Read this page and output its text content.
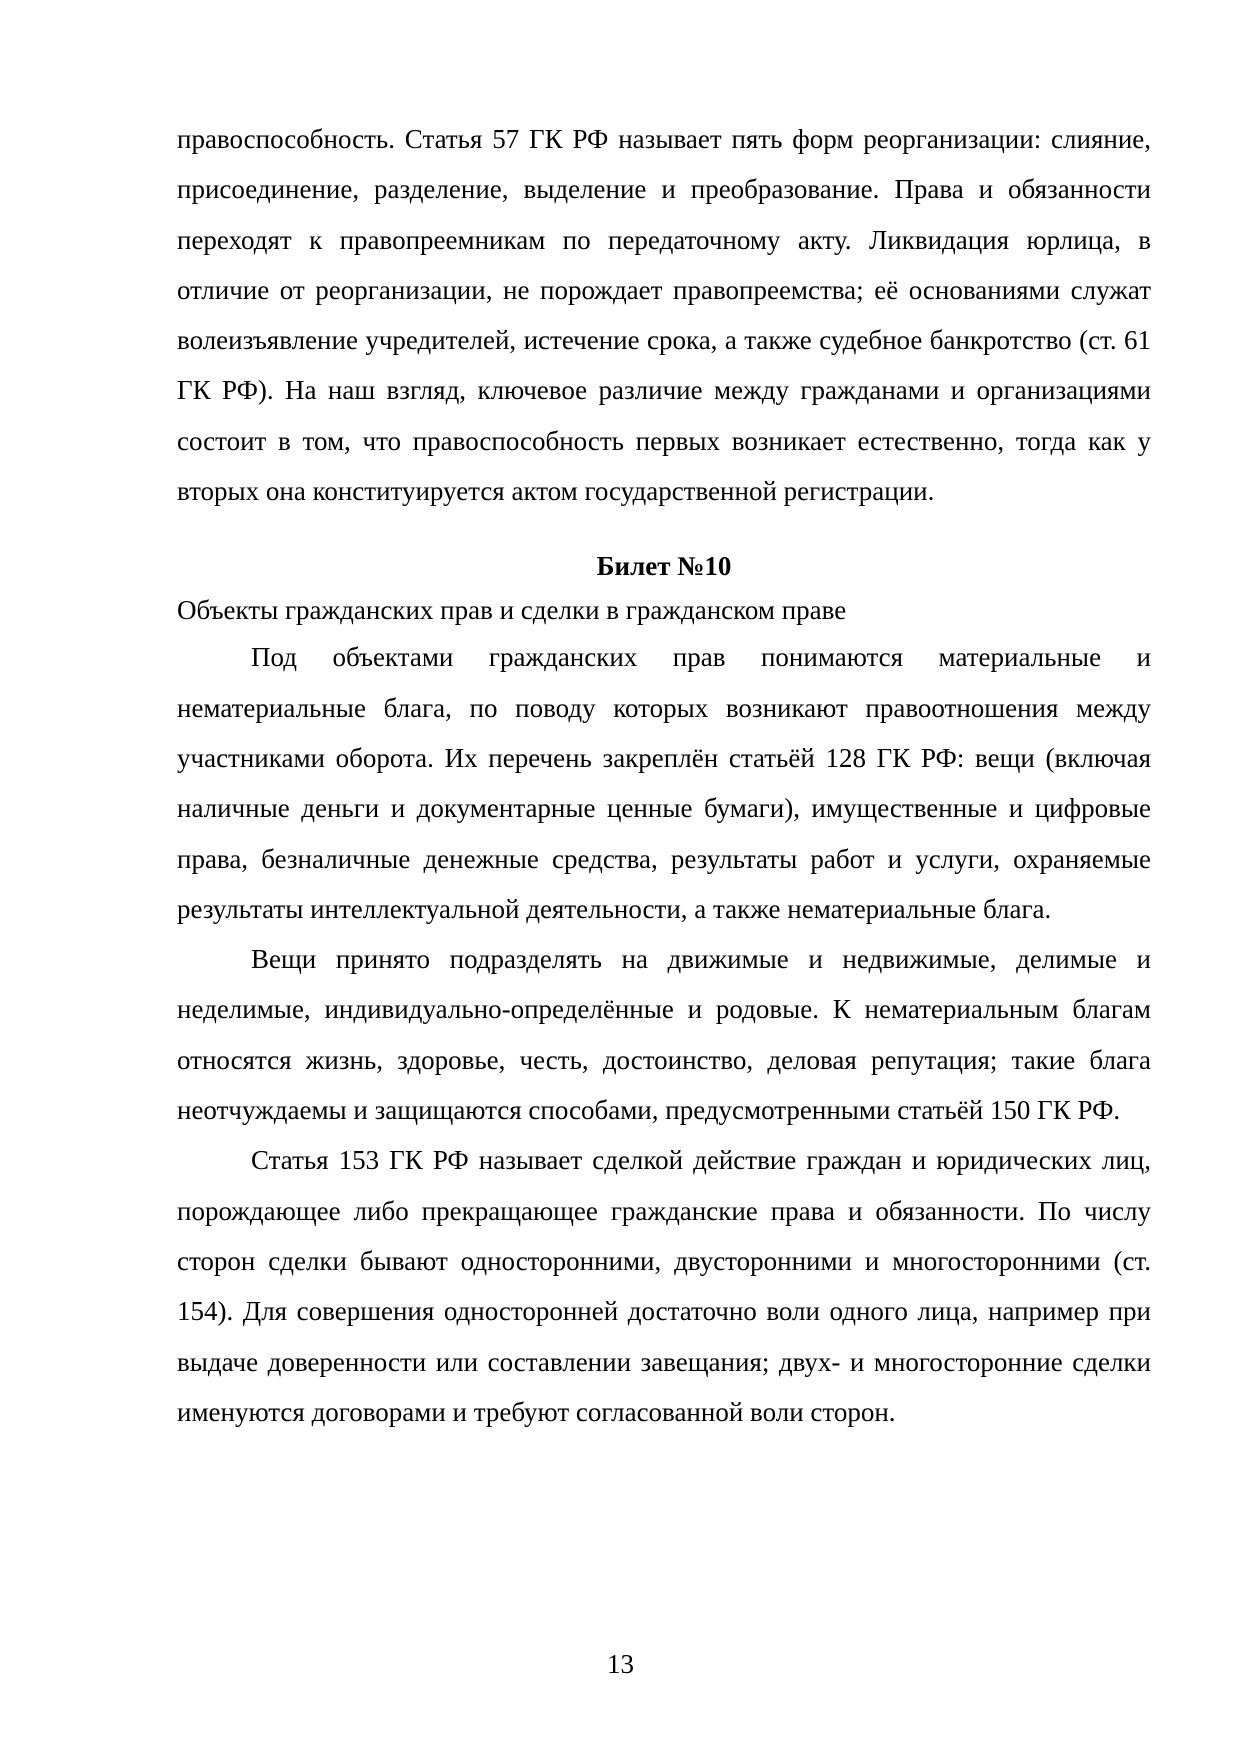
правоспособность. Статья 57 ГК РФ называет пять форм реорганизации: слияние, присоединение, разделение, выделение и преобразование. Права и обязанности переходят к правопреемникам по передаточному акту. Ликвидация юрлица, в отличие от реорганизации, не порождает правопреемства; её основаниями служат волеизъявление учредителей, истечение срока, а также судебное банкротство (ст. 61 ГК РФ). На наш взгляд, ключевое различие между гражданами и организациями состоит в том, что правоспособность первых возникает естественно, тогда как у вторых она конституируется актом государственной регистрации.

Билет №10

Объекты гражданских прав и сделки в гражданском праве

Под объектами гражданских прав понимаются материальные и нематериальные блага, по поводу которых возникают правоотношения между участниками оборота. Их перечень закреплён статьёй 128 ГК РФ: вещи (включая наличные деньги и документарные ценные бумаги), имущественные и цифровые права, безналичные денежные средства, результаты работ и услуги, охраняемые результаты интеллектуальной деятельности, а также нематериальные блага.

Вещи принято подразделять на движимые и недвижимые, делимые и неделимые, индивидуально-определённые и родовые. К нематериальным благам относятся жизнь, здоровье, честь, достоинство, деловая репутация; такие блага неотчуждаемы и защищаются способами, предусмотренными статьёй 150 ГК РФ.

Статья 153 ГК РФ называет сделкой действие граждан и юридических лиц, порождающее либо прекращающее гражданские права и обязанности. По числу сторон сделки бывают односторонними, двусторонними и многосторонними (ст. 154). Для совершения односторонней достаточно воли одного лица, например при выдаче доверенности или составлении завещания; двух- и многосторонние сделки именуются договорами и требуют согласованной воли сторон.

13
